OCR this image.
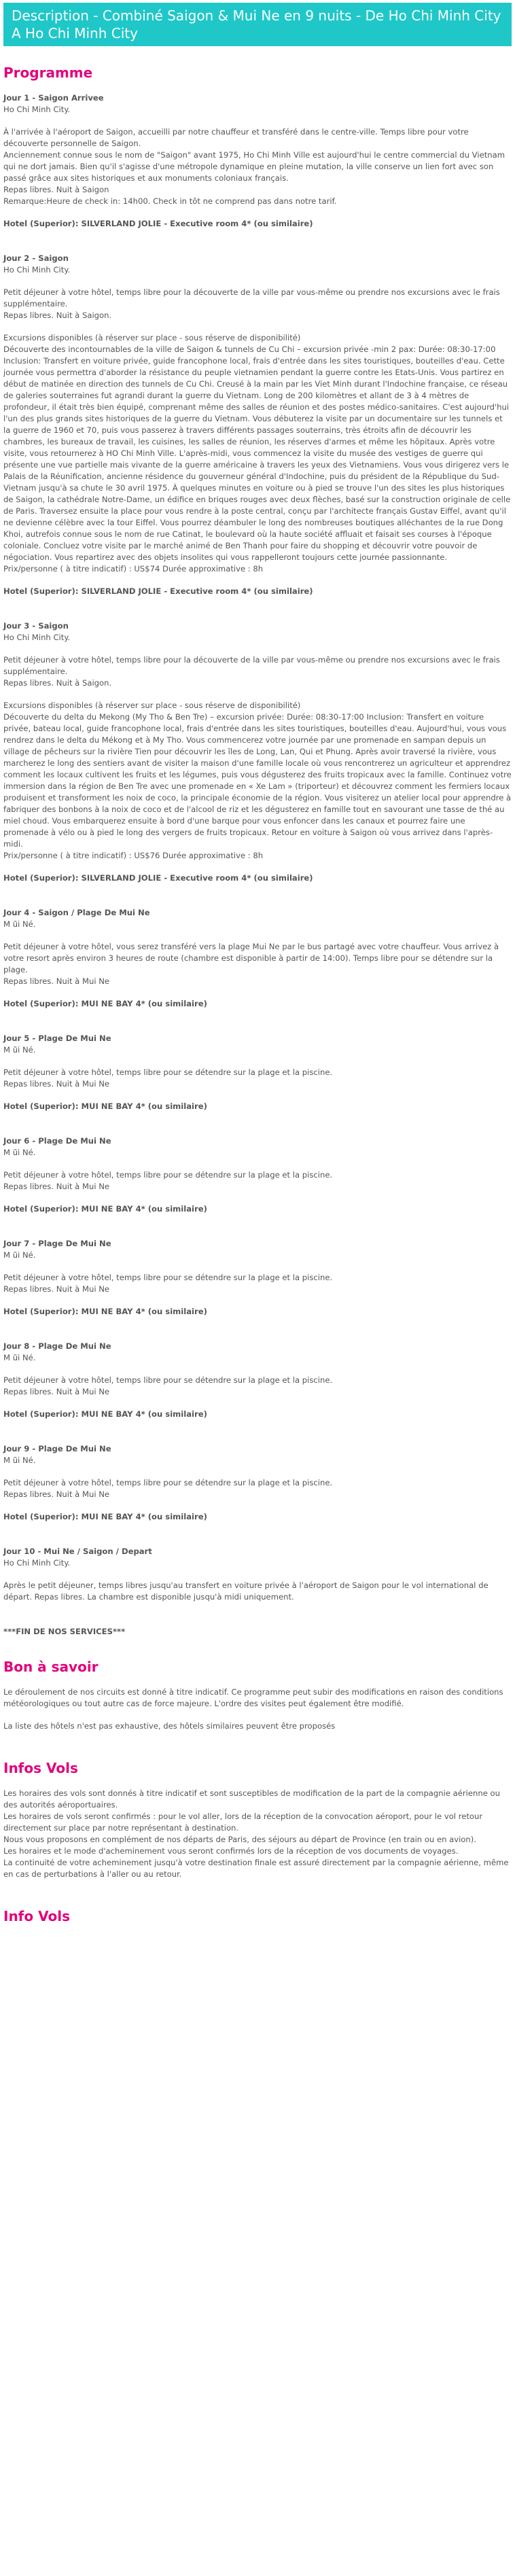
Description - Combiné Saigon & Mui Ne en 9 nuits - De Ho Chi Minh City A Ho Chi Minh City
Programme
Jour 1 - Saigon Arrivee
Ho Chi Minh City.
À l'arrivée à l'aéroport de Saigon, accueilli par notre chauffeur et transféré dans le centre-ville. Temps libre pour votre découverte personnelle de Saigon.
Anciennement connue sous le nom de "Saigon" avant 1975, Ho Chi Minh Ville est aujourd'hui le centre commercial du Vietnam qui ne dort jamais. Bien qu'il s'agisse d'une métropole dynamique en pleine mutation, la ville conserve un lien fort avec son passé grâce aux sites historiques et aux monuments coloniaux français.
Repas libres. Nuit à Saigon
Remarque:Heure de check in: 14h00. Check in tôt ne comprend pas dans notre tarif.
Hotel (Superior): SILVERLAND JOLIE - Executive room 4* (ou similaire)
Jour 2 - Saigon
Ho Chi Minh City.
Petit déjeuner à votre hôtel, temps libre pour la découverte de la ville par vous-même ou prendre nos excursions avec le frais supplémentaire.
Repas libres. Nuit à Saigon.
Excursions disponibles (à réserver sur place - sous réserve de disponibilité)
Découverte des incontournables de la ville de Saigon & tunnels de Cu Chi – excursion privée -min 2 pax: Durée: 08:30-17:00 Inclusion: Transfert en voiture privée, guide francophone local, frais d'entrée dans les sites touristiques, bouteilles d'eau. Cette journée vous permettra d'aborder la résistance du peuple vietnamien pendant la guerre contre les Etats-Unis. Vous partirez en début de matinée en direction des tunnels de Cu Chi. Creusé à la main par les Viet Minh durant l'Indochine française, ce réseau de galeries souterraines fut agrandi durant la guerre du Vietnam. Long de 200 kilomètres et allant de 3 à 4 mètres de profondeur, il était très bien équipé, comprenant même des salles de réunion et des postes médico-sanitaires. C'est aujourd'hui l'un des plus grands sites historiques de la guerre du Vietnam. Vous débuterez la visite par un documentaire sur les tunnels et la guerre de 1960 et 70, puis vous passerez à travers différents passages souterrains, très étroits afin de découvrir les chambres, les bureaux de travail, les cuisines, les salles de réunion, les réserves d'armes et même les hôpitaux. Après votre visite, vous retournerez à HO Chi Minh Ville. L'après-midi, vous commencez la visite du musée des vestiges de guerre qui présente une vue partielle mais vivante de la guerre américaine à travers les yeux des Vietnamiens. Vous vous dirigerez vers le Palais de la Réunification, ancienne résidence du gouverneur général d'Indochine, puis du président de la République du Sud-Vietnam jusqu'à sa chute le 30 avril 1975. À quelques minutes en voiture ou à pied se trouve l'un des sites les plus historiques de Saigon, la cathédrale Notre-Dame, un édifice en briques rouges avec deux flèches, basé sur la construction originale de celle de Paris. Traversez ensuite la place pour vous rendre à la poste central, conçu par l'architecte français Gustav Eiffel, avant qu'il ne devienne célèbre avec la tour Eiffel. Vous pourrez déambuler le long des nombreuses boutiques alléchantes de la rue Dong Khoi, autrefois connue sous le nom de rue Catinat, le boulevard où la haute société affluait et faisait ses courses à l'époque coloniale. Concluez votre visite par le marché animé de Ben Thanh pour faire du shopping et découvrir votre pouvoir de négociation. Vous repartirez avec des objets insolites qui vous rappelleront toujours cette journée passionnante.
Prix/personne ( à titre indicatif) : US$74 Durée approximative : 8h
Hotel (Superior): SILVERLAND JOLIE - Executive room 4* (ou similaire)
Jour 3 - Saigon
Ho Chi Minh City.
Petit déjeuner à votre hôtel, temps libre pour la découverte de la ville par vous-même ou prendre nos excursions avec le frais supplémentaire.
Repas libres. Nuit à Saigon.
Excursions disponibles (à réserver sur place - sous réserve de disponibilité)
Découverte du delta du Mekong (My Tho & Ben Tre) – excursion privée: Durée: 08:30-17:00 Inclusion: Transfert en voiture privée, bateau local, guide francophone local, frais d'entrée dans les sites touristiques, bouteilles d'eau. Aujourd'hui, vous vous rendrez dans le delta du Mékong et à My Tho. Vous commencerez votre journée par une promenade en sampan depuis un village de pêcheurs sur la rivière Tien pour découvrir les îles de Long, Lan, Qui et Phung. Après avoir traversé la rivière, vous marcherez le long des sentiers avant de visiter la maison d'une famille locale où vous rencontrerez un agriculteur et apprendrez comment les locaux cultivent les fruits et les légumes, puis vous dégusterez des fruits tropicaux avec la famille. Continuez votre immersion dans la région de Ben Tre avec une promenade en « Xe Lam » (triporteur) et découvrez comment les fermiers locaux produisent et transforment les noix de coco, la principale économie de la région. Vous visiterez un atelier local pour apprendre à fabriquer des bonbons à la noix de coco et de l'alcool de riz et les dégusterez en famille tout en savourant une tasse de thé au miel choud. Vous embarquerez ensuite à bord d'une barque pour vous enfoncer dans les canaux et pourrez faire une promenade à vélo ou à pied le long des vergers de fruits tropicaux. Retour en voiture à Saigon où vous arrivez dans l'après-midi.
Prix/personne ( à titre indicatif) : US$76 Durée approximative : 8h
Hotel (Superior): SILVERLAND JOLIE - Executive room 4* (ou similaire)
Jour 4 - Saigon / Plage De Mui Ne
M ũi Né.
Petit déjeuner à votre hôtel, vous serez transféré vers la plage Mui Ne par le bus partagé avec votre chauffeur. Vous arrivez à votre resort après environ 3 heures de route (chambre est disponible à partir de 14:00). Temps libre pour se détendre sur la plage.
Repas libres. Nuit à Mui Ne
Hotel (Superior): MUI NE BAY 4* (ou similaire)
Jour 5 - Plage De Mui Ne
M ũi Né.
Petit déjeuner à votre hôtel, temps libre pour se détendre sur la plage et la piscine.
Repas libres. Nuit à Mui Ne
Hotel (Superior): MUI NE BAY 4* (ou similaire)
Jour 6 - Plage De Mui Ne
M ũi Né.
Petit déjeuner à votre hôtel, temps libre pour se détendre sur la plage et la piscine.
Repas libres. Nuit à Mui Ne
Hotel (Superior): MUI NE BAY 4* (ou similaire)
Jour 7 - Plage De Mui Ne
M ũi Né.
Petit déjeuner à votre hôtel, temps libre pour se détendre sur la plage et la piscine.
Repas libres. Nuit à Mui Ne
Hotel (Superior): MUI NE BAY 4* (ou similaire)
Jour 8 - Plage De Mui Ne
M ũi Né.
Petit déjeuner à votre hôtel, temps libre pour se détendre sur la plage et la piscine.
Repas libres. Nuit à Mui Ne
Hotel (Superior): MUI NE BAY 4* (ou similaire)
Jour 9 - Plage De Mui Ne
M ũi Né.
Petit déjeuner à votre hôtel, temps libre pour se détendre sur la plage et la piscine.
Repas libres. Nuit à Mui Ne
Hotel (Superior): MUI NE BAY 4* (ou similaire)
Jour 10 - Mui Ne / Saigon / Depart
Ho Chi Minh City.
Après le petit déjeuner, temps libres jusqu'au transfert en voiture privée à l'aéroport de Saigon pour le vol international de départ. Repas libres. La chambre est disponible jusqu'à midi uniquement.
***FIN DE NOS SERVICES***
Bon à savoir
Le déroulement de nos circuits est donné à titre indicatif. Ce programme peut subir des modifications en raison des conditions météorologiques ou tout autre cas de force majeure. L'ordre des visites peut également être modifié.
La liste des hôtels n'est pas exhaustive, des hôtels similaires peuvent être proposés
Infos Vols
Les horaires des vols sont donnés à titre indicatif et sont susceptibles de modification de la part de la compagnie aérienne ou des autorités aéroportuaires.
Les horaires de vols seront confirmés : pour le vol aller, lors de la réception de la convocation aéroport, pour le vol retour directement sur place par notre représentant à destination.
Nous vous proposons en complément de nos départs de Paris, des séjours au départ de Province (en train ou en avion).
Les horaires et le mode d'acheminement vous seront confirmés lors de la réception de vos documents de voyages.
La continuité de votre acheminement jusqu'à votre destination finale est assuré directement par la compagnie aérienne, même en cas de perturbations à l'aller ou au retour.
Info Vols
